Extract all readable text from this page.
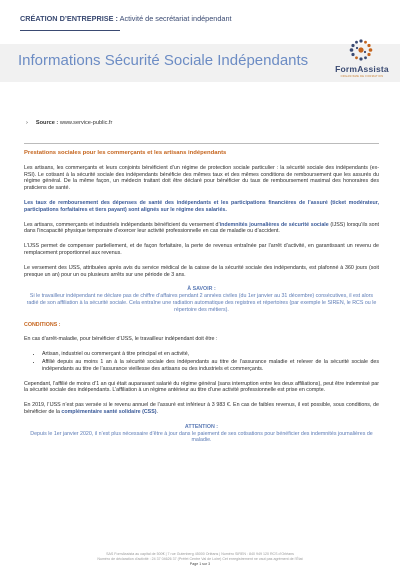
CRÉATION D’ENTREPRISE : Activité de secrétariat indépendant
Informations Sécurité Sociale Indépendants	FormAssista
ORGANISME DE FORMATION
› Source : www.service-public.fr

Prestations sociales pour les commerçants et les artisans indépendants

Les artisans, les commerçants et leurs conjoints bénéficient d’un régime de protection sociale particulier : la sécurité sociale des indépendants (ex-RSI). Le cotisant à la sécurité sociale des indépendants bénéficie des mêmes taux et des mêmes conditions de remboursement que les assurés du régime général. De la même façon, un médecin traitant doit être déclaré pour bénéficier du taux de remboursement maximal des honoraires des praticiens de santé.

Les taux de remboursement des dépenses de santé des indépendants et les participations financières de l’assuré (ticket modérateur, participations forfaitaires et tiers payant) sont alignés sur le régime des salariés.

Les artisans, commerçants et industriels indépendants bénéficient du versement d’indemnités journalières de sécurité sociale (IJSS) lorsqu’ils sont dans l’incapacité physique temporaire d’exercer leur activité professionnelle en cas de maladie ou d’accident.

L’IJSS permet de compenser partiellement, et de façon forfaitaire, la perte de revenus entraînée par l’arrêt d’activité, en garantissant un revenu de remplacement proportionnel aux revenus.

Le versement des IJSS, attribuées après avis du service médical de la caisse de la sécurité sociale des indépendants, est plafonné à 360 jours (soit presque un an) pour un ou plusieurs arrêts sur une période de 3 ans.

À SAVOIR :
Si le travailleur indépendant ne déclare pas de chiffre d’affaires pendant 2 années civiles (du 1er janvier au 31 décembre) consécutives, il est alors radié de son affiliation à la sécurité sociale. Cela entraîne une radiation automatique des registres et répertoires (par exemple le SIREN, le RCS ou le répertoire des métiers).

CONDITIONS :

En cas d’arrêt-maladie, pour bénéficier d’IJSS, le travailleur indépendant doit être :

• Artisan, industriel ou commerçant à titre principal et en activité,
• Affilié depuis au moins 1 an à la sécurité sociale des indépendants au titre de l’assurance maladie et relever de la sécurité sociale des indépendants au titre de l’assurance vieillesse des artisans ou des industriels et commerçants.

Cependant, l’affilié de moins d’1 an qui était auparavant salarié du régime général (sans interruption entre les deux affiliations), peut être indemnisé par la sécurité sociale des indépendants. L’affiliation à un régime antérieur au titre d’une activité professionnelle est prise en compte.

En 2019, l’IJSS n’est pas versée si le revenu annuel de l’assuré est inférieur à 3 983 €. En cas de faibles revenus, il est possible, sous conditions, de bénéficier de la complémentaire santé solidaire (CSS).

ATTENTION :
Depuis le 1er janvier 2020, il n’est plus nécessaire d’être à jour dans le paiement de ses cotisations pour bénéficier des indemnités journalières de maladie.

SAS FormAssista au capital de 500€ | 7 rue Gutenberg 45000 Orléans | Numéro SIREN : 840 949 120 RCS d’Orléans
Numéro de déclaration d’activité : 24 37 04626 37 (Préfet Centre Val de Loire) Cet enregistrement ne vaut pas agrément de l’État
Page 1 sur 3
